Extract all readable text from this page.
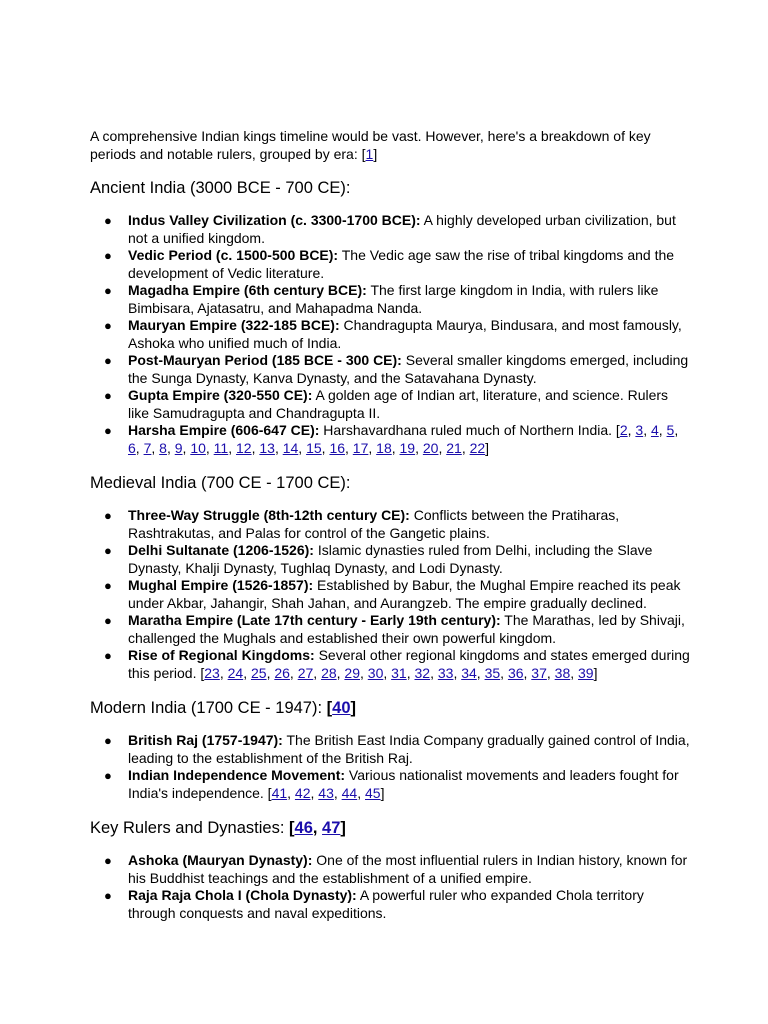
A comprehensive Indian kings timeline would be vast. However, here's a breakdown of key periods and notable rulers, grouped by era: [1]

Ancient India (3000 BCE - 700 CE):
● Indus Valley Civilization (c. 3300-1700 BCE): A highly developed urban civilization, but not a unified kingdom.
● Vedic Period (c. 1500-500 BCE): The Vedic age saw the rise of tribal kingdoms and the development of Vedic literature.
● Magadha Empire (6th century BCE): The first large kingdom in India, with rulers like Bimbisara, Ajatasatru, and Mahapadma Nanda.
● Mauryan Empire (322-185 BCE): Chandragupta Maurya, Bindusara, and most famously, Ashoka who unified much of India.
● Post-Mauryan Period (185 BCE - 300 CE): Several smaller kingdoms emerged, including the Sunga Dynasty, Kanva Dynasty, and the Satavahana Dynasty.
● Gupta Empire (320-550 CE): A golden age of Indian art, literature, and science. Rulers like Samudragupta and Chandragupta II.
● Harsha Empire (606-647 CE): Harshavardhana ruled much of Northern India. [2, 3, 4, 5, 6, 7, 8, 9, 10, 11, 12, 13, 14, 15, 16, 17, 18, 19, 20, 21, 22]
Medieval India (700 CE - 1700 CE):
● Three-Way Struggle (8th-12th century CE): Conflicts between the Pratiharas, Rashtrakutas, and Palas for control of the Gangetic plains.
● Delhi Sultanate (1206-1526): Islamic dynasties ruled from Delhi, including the Slave Dynasty, Khalji Dynasty, Tughlaq Dynasty, and Lodi Dynasty.
● Mughal Empire (1526-1857): Established by Babur, the Mughal Empire reached its peak under Akbar, Jahangir, Shah Jahan, and Aurangzeb. The empire gradually declined.
● Maratha Empire (Late 17th century - Early 19th century): The Marathas, led by Shivaji, challenged the Mughals and established their own powerful kingdom.
● Rise of Regional Kingdoms: Several other regional kingdoms and states emerged during this period. [23, 24, 25, 26, 27, 28, 29, 30, 31, 32, 33, 34, 35, 36, 37, 38, 39]
Modern India (1700 CE - 1947): [40]
● British Raj (1757-1947): The British East India Company gradually gained control of India, leading to the establishment of the British Raj.
● Indian Independence Movement: Various nationalist movements and leaders fought for India's independence. [41, 42, 43, 44, 45]
Key Rulers and Dynasties: [46, 47]
● Ashoka (Mauryan Dynasty): One of the most influential rulers in Indian history, known for his Buddhist teachings and the establishment of a unified empire.
● Raja Raja Chola I (Chola Dynasty): A powerful ruler who expanded Chola territory through conquests and naval expeditions.
